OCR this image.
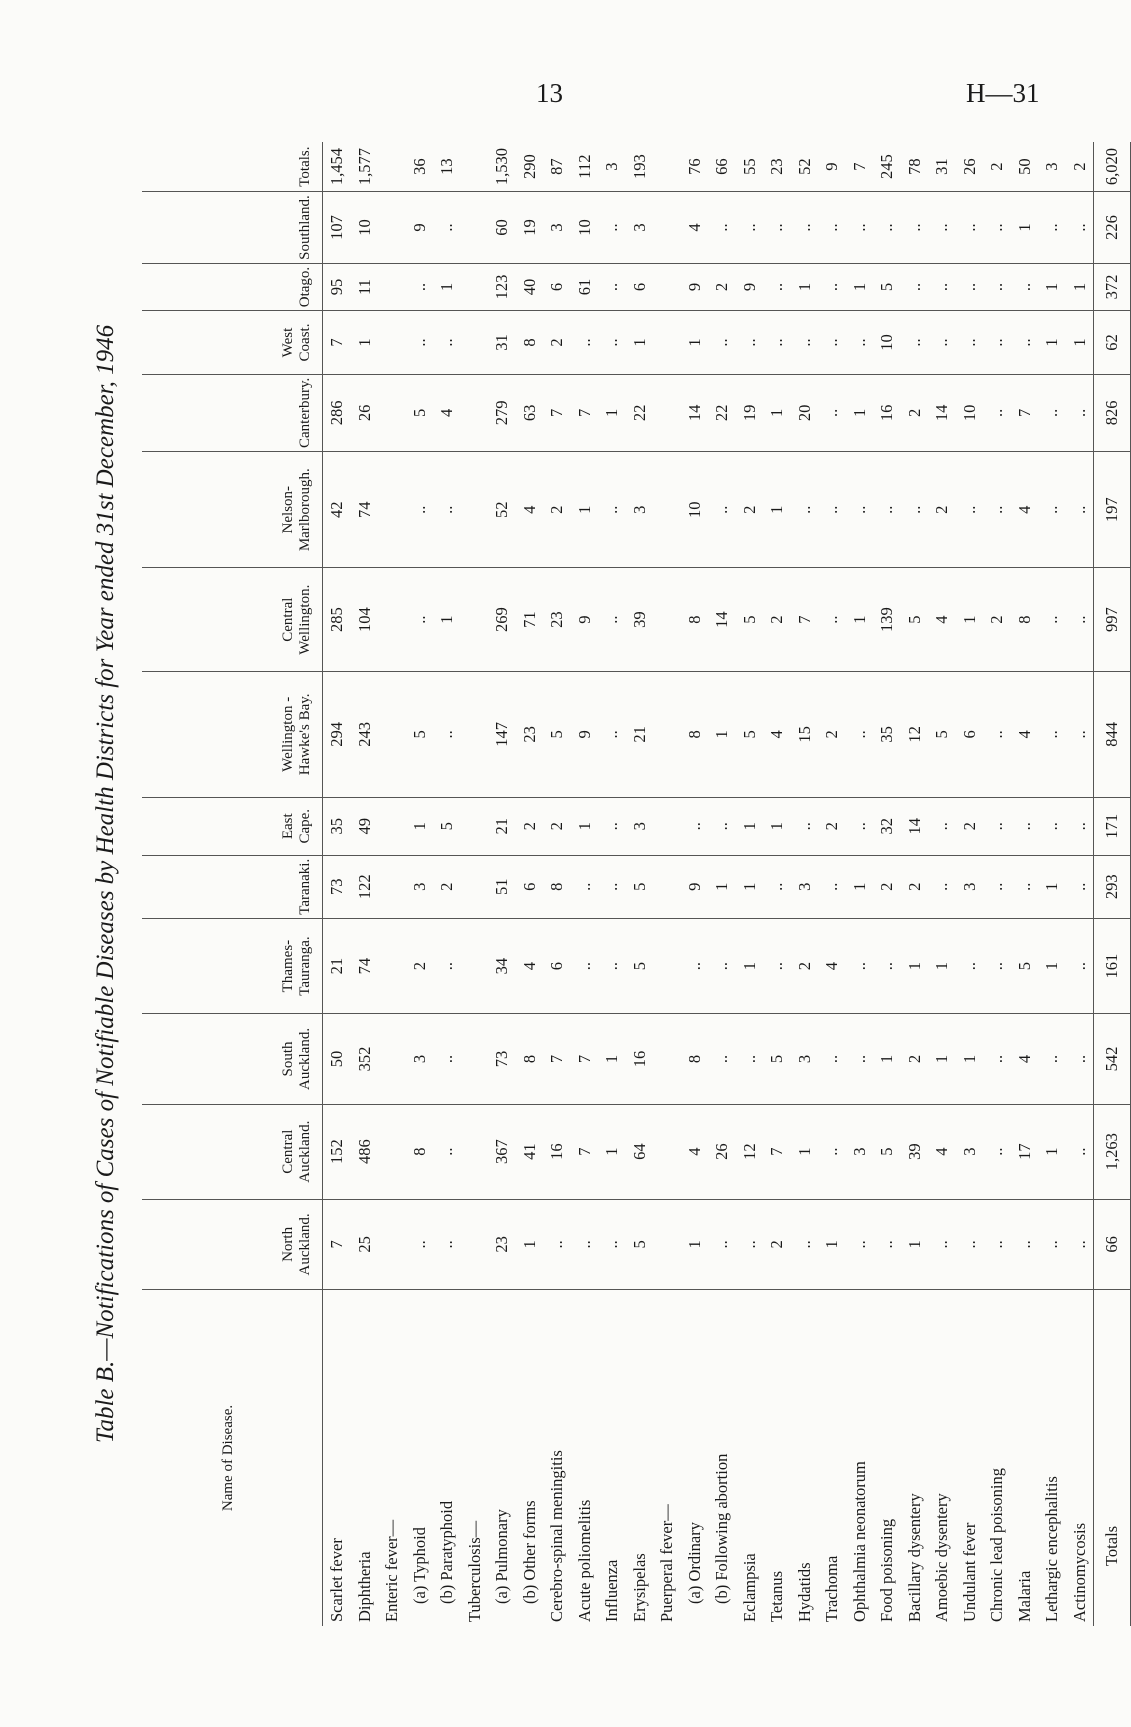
13	H—31
Table B.—Notifications of Cases of Notifiable Diseases by Health Districts for Year ended 31st December, 1946
Name of Disease.	North Auckland.	Central Auckland.	South Auckland.	Thames-Tauranga.	Taranaki.	East Cape.	Wellington - Hawke's Bay.	Central Wellington.	Nelson-Marlborough.	Canterbury.	West Coast.	Otago.	Southland.	Totals.
Scarlet fever	7	152	50	21	73	35	294	285	42	286	7	95	107	1,454
Diphtheria	25	486	352	74	122	49	243	104	74	26	1	11	10	1,577
Enteric fever—														
(a) Typhoid	..	8	3	2	3	1	5	..	..	5	..	..	9	36
(b) Paratyphoid	..	..	..	..	2	5	..	1	..	4	..	1	..	13
Tuberculosis—														
(a) Pulmonary	23	367	73	34	51	21	147	269	52	279	31	123	60	1,530
(b) Other forms	1	41	8	4	6	2	23	71	4	63	8	40	19	290
Cerebro-spinal meningitis	..	16	7	6	8	2	5	23	2	7	2	6	3	87
Acute poliomelitis	..	7	7	..	..	1	9	9	1	7	..	61	10	112
Influenza	..	1	1	..	..	..	..	..	..	1	..	..	..	3
Erysipelas	5	64	16	5	5	3	21	39	3	22	1	6	3	193
Puerperal fever—														
(a) Ordinary	1	4	8	..	9	..	8	8	10	14	1	9	4	76
(b) Following abortion	..	26	..	..	1	..	1	14	..	22	..	2	..	66
Eclampsia	..	12	..	1	1	1	5	5	2	19	..	9	..	55
Tetanus	2	7	5	..	..	1	4	2	1	1	..	..	..	23
Hydatids	..	1	3	2	3	..	15	7	..	20	..	1	..	52
Trachoma	1	..	..	4	..	2	2	..	..	..	..	..	..	9
Ophthalmia neonatorum	..	3	..	..	1	..	..	1	..	1	..	1	..	7
Food poisoning	..	5	1	..	2	32	35	139	..	16	10	5	..	245
Bacillary dysentery	1	39	2	1	2	14	12	5	..	2	..	..	..	78
Amoebic dysentery	..	4	1	1	..	..	5	4	2	14	..	..	..	31
Undulant fever	..	3	1	..	3	2	6	1	..	10	..	..	..	26
Chronic lead poisoning	..	..	..	..	..	..	..	2	..	..	..	..	..	2
Malaria	..	17	4	5	..	..	4	8	4	7	..	..	1	50
Lethargic encephalitis	..	1	..	1	1	..	..	..	..	..	1	1	..	3
Actinomycosis	..	..	..	..	..	..	..	..	..	..	1	1	..	2
Totals	66	1,263	542	161	293	171	844	997	197	826	62	372	226	6,020
